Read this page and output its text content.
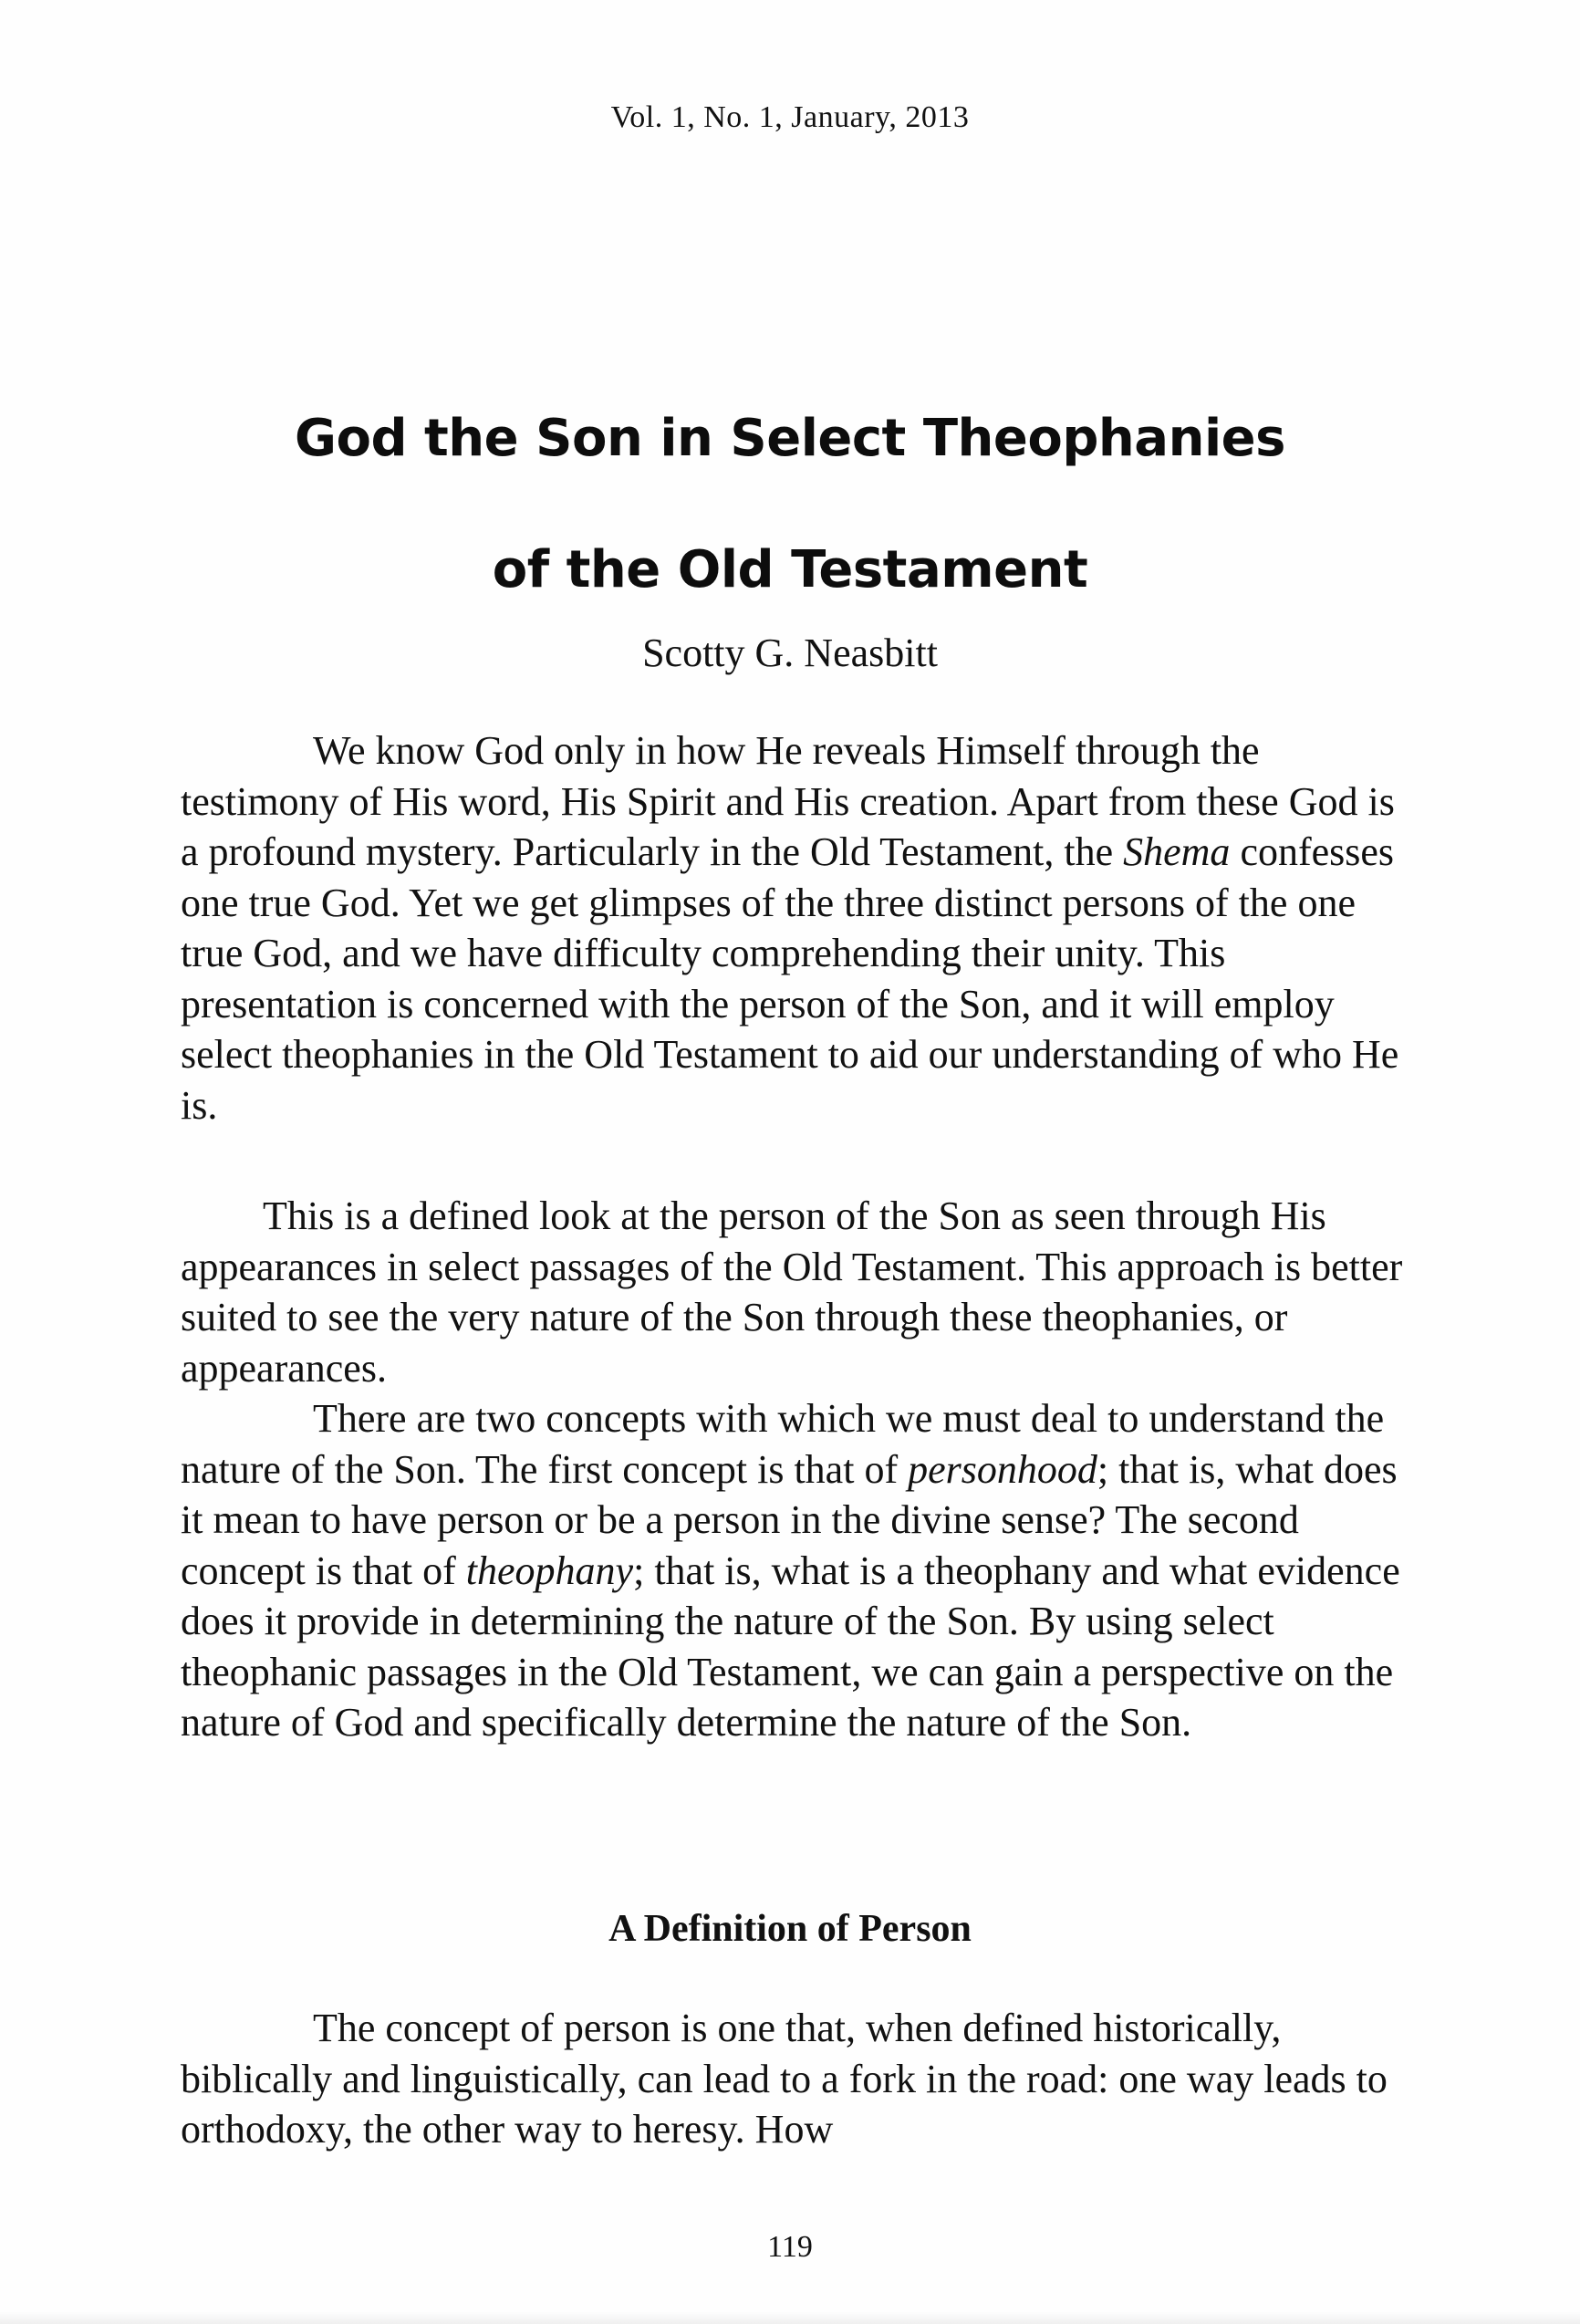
Vol. 1, No. 1, January, 2013
God the Son in Select Theophanies
of the Old Testament
Scotty G. Neasbitt

We know God only in how He reveals Himself through the testimony of His word, His Spirit and His creation. Apart from these God is a profound mystery. Particularly in the Old Testament, the Shema confesses one true God. Yet we get glimpses of the three distinct persons of the one true God, and we have difficulty comprehending their unity. This presentation is concerned with the person of the Son, and it will employ select theophanies in the Old Testament to aid our understanding of who He is.

This is a defined look at the person of the Son as seen through His appearances in select passages of the Old Testament. This approach is better suited to see the very nature of the Son through these theophanies, or appearances.

There are two concepts with which we must deal to understand the nature of the Son. The first concept is that of personhood; that is, what does it mean to have person or be a person in the divine sense? The second concept is that of theophany; that is, what is a theophany and what evidence does it provide in determining the nature of the Son. By using select theophanic passages in the Old Testament, we can gain a perspective on the nature of God and specifically determine the nature of the Son.

A Definition of Person

The concept of person is one that, when defined historically, biblically and linguistically, can lead to a fork in the road: one way leads to orthodoxy, the other way to heresy. How

119
